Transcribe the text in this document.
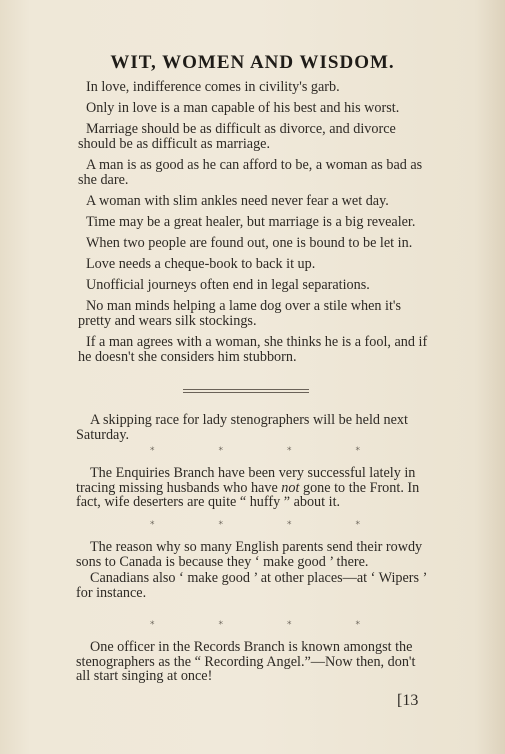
WIT, WOMEN AND WISDOM.

In love, indifference comes in civility's garb.

Only in love is a man capable of his best and his worst.

Marriage should be as difficult as divorce, and divorce should be as difficult as marriage.

A man is as good as he can afford to be, a woman as bad as she dare.

A woman with slim ankles need never fear a wet day.

Time may be a great healer, but marriage is a big revealer.

When two people are found out, one is bound to be let in.

Love needs a cheque-book to back it up.

Unofficial journeys often end in legal separations.

No man minds helping a lame dog over a stile when it's pretty and wears silk stockings.

If a man agrees with a woman, she thinks he is a fool, and if he doesn't she considers him stubborn.

A skipping race for lady stenographers will be held next Saturday.

*	*	*	*

The Enquiries Branch have been very successful lately in tracing missing husbands who have not gone to the Front. In fact, wife deserters are quite “ huffy ” about it.

*	*	*	*

The reason why so many English parents send their rowdy sons to Canada is because they ‘ make good ’ there.

Canadians also ‘ make good ’ at other places—at ‘ Wipers ’ for instance.

*	*	*	*

One officer in the Records Branch is known amongst the stenographers as the “ Recording Angel.”—Now then, don't all start singing at once!

[13
